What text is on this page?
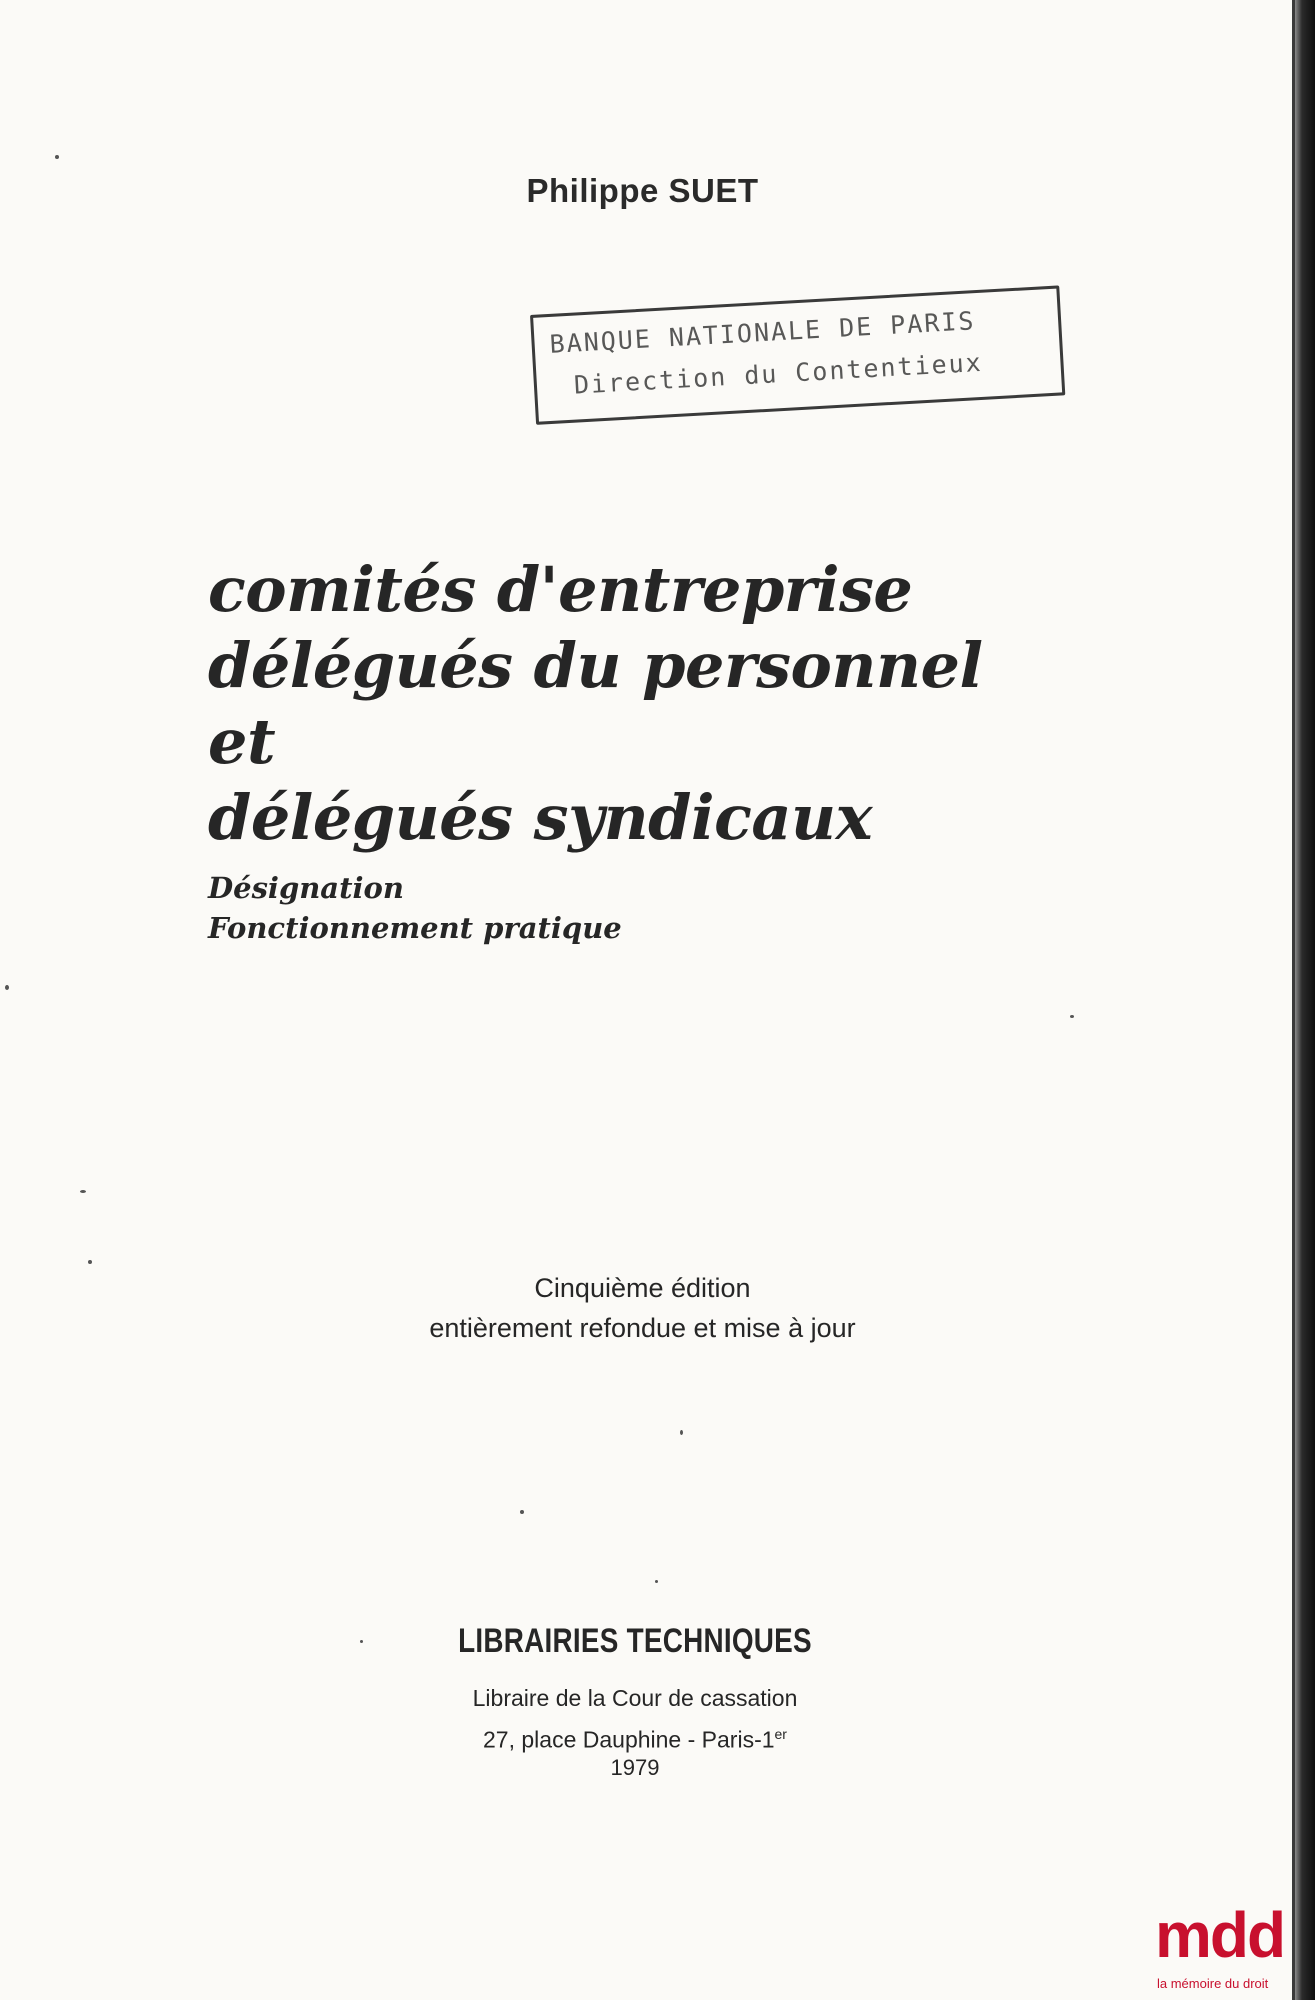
Philippe SUET
BANQUE NATIONALE DE PARIS
Direction du Contentieux
comités d'entreprise
délégués du personnel
et
délégués syndicaux
Désignation
Fonctionnement pratique
Cinquième édition
entièrement refondue et mise à jour
LIBRAIRIES TECHNIQUES
Libraire de la Cour de cassation
27, place Dauphine - Paris-1er
1979
mdd
la mémoire du droit
